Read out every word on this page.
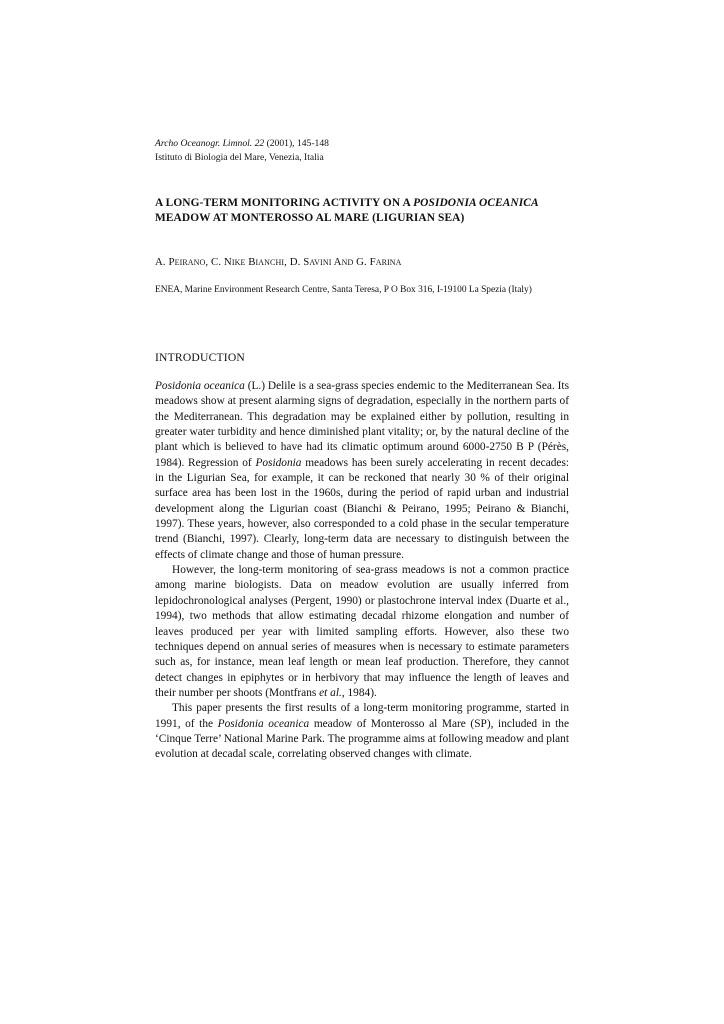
Archo Oceanogr. Limnol. 22 (2001), 145-148
Istituto di Biologia del Mare, Venezia, Italia
A LONG-TERM MONITORING ACTIVITY ON A POSIDONIA OCEANICA MEADOW AT MONTEROSSO AL MARE (LIGURIAN SEA)
A. Peirano, C. Nike Bianchi, D. Savini And G. Farina
ENEA, Marine Environment Research Centre, Santa Teresa, P O Box 316, I-19100 La Spezia (Italy)
INTRODUCTION

Posidonia oceanica (L.) Delile is a sea-grass species endemic to the Mediterranean Sea. Its meadows show at present alarming signs of degradation, especially in the northern parts of the Mediterranean. This degradation may be explained either by pollution, resulting in greater water turbidity and hence diminished plant vitality; or, by the natural decline of the plant which is believed to have had its climatic optimum around 6000-2750 B P (Pérès, 1984). Regression of Posidonia meadows has been surely accelerating in recent decades: in the Ligurian Sea, for example, it can be reckoned that nearly 30 % of their original surface area has been lost in the 1960s, during the period of rapid urban and industrial development along the Ligurian coast (Bianchi & Peirano, 1995; Peirano & Bianchi, 1997). These years, however, also corresponded to a cold phase in the secular temperature trend (Bianchi, 1997). Clearly, long-term data are necessary to distinguish between the effects of climate change and those of human pressure.

However, the long-term monitoring of sea-grass meadows is not a common practice among marine biologists. Data on meadow evolution are usually inferred from lepidochronological analyses (Pergent, 1990) or plastochrone interval index (Duarte et al., 1994), two methods that allow estimating decadal rhizome elongation and number of leaves produced per year with limited sampling efforts. However, also these two techniques depend on annual series of measures when is necessary to estimate parameters such as, for instance, mean leaf length or mean leaf production. Therefore, they cannot detect changes in epiphytes or in herbivory that may influence the length of leaves and their number per shoots (Montfrans et al., 1984).

This paper presents the first results of a long-term monitoring programme, started in 1991, of the Posidonia oceanica meadow of Monterosso al Mare (SP), included in the ‘Cinque Terre’ National Marine Park. The programme aims at following meadow and plant evolution at decadal scale, correlating observed changes with climate.
